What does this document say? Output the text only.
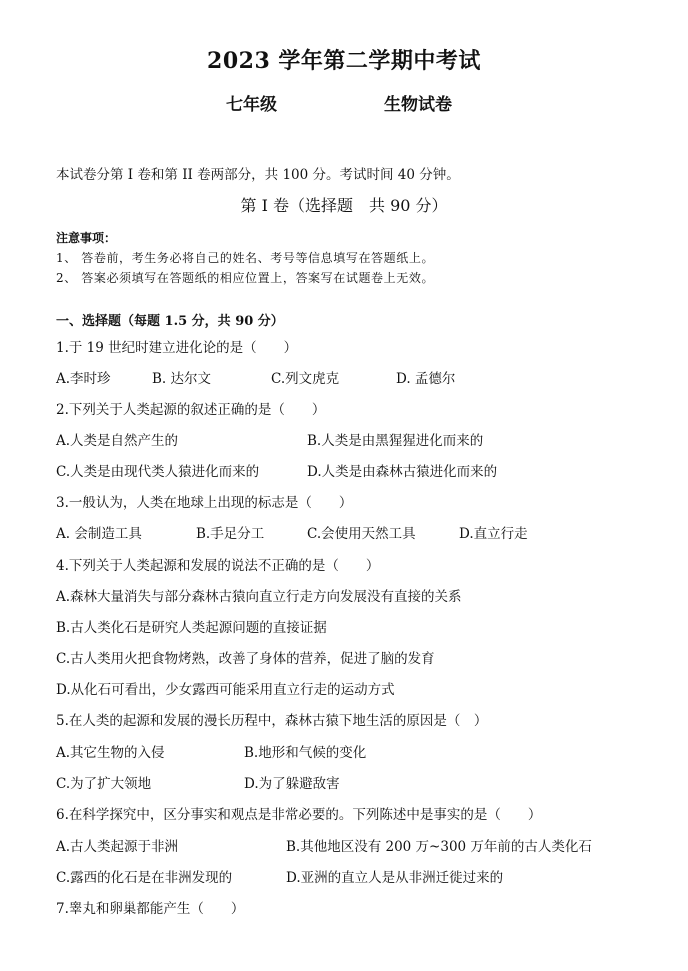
2023 学年第二学期中考试
七年级	生物试卷
本试卷分第 I 卷和第 II 卷两部分，共 100 分。考试时间 40 分钟。
第 I 卷（选择题　共 90 分）
注意事项：
1、 答卷前，考生务必将自己的姓名、考号等信息填写在答题纸上。
2、 答案必须填写在答题纸的相应位置上，答案写在试题卷上无效。
一、选择题（每题 1.5 分，共 90 分）
1.于 19 世纪时建立进化论的是（　　）
A.李时珍	B. 达尔文	C.列文虎克	D. 孟德尔
2.下列关于人类起源的叙述正确的是（　　）
A.人类是自然产生的	B.人类是由黑猩猩进化而来的
C.人类是由现代类人猿进化而来的	D.人类是由森林古猿进化而来的
3.一般认为，人类在地球上出现的标志是（　　）
A. 会制造工具	B.手足分工	C.会使用天然工具	D.直立行走
4.下列关于人类起源和发展的说法不正确的是（　　）
A.森林大量消失与部分森林古猿向直立行走方向发展没有直接的关系
B.古人类化石是研究人类起源问题的直接证据
C.古人类用火把食物烤熟，改善了身体的营养，促进了脑的发育
D.从化石可看出，少女露西可能采用直立行走的运动方式
5.在人类的起源和发展的漫长历程中，森林古猿下地生活的原因是（　）
A.其它生物的入侵	B.地形和气候的变化
C.为了扩大领地	D.为了躲避敌害
6.在科学探究中，区分事实和观点是非常必要的。下列陈述中是事实的是（　　）
A.古人类起源于非洲	B.其他地区没有 200 万~300 万年前的古人类化石
C.露西的化石是在非洲发现的	D.亚洲的直立人是从非洲迁徙过来的
7.睾丸和卵巢都能产生（　　）
